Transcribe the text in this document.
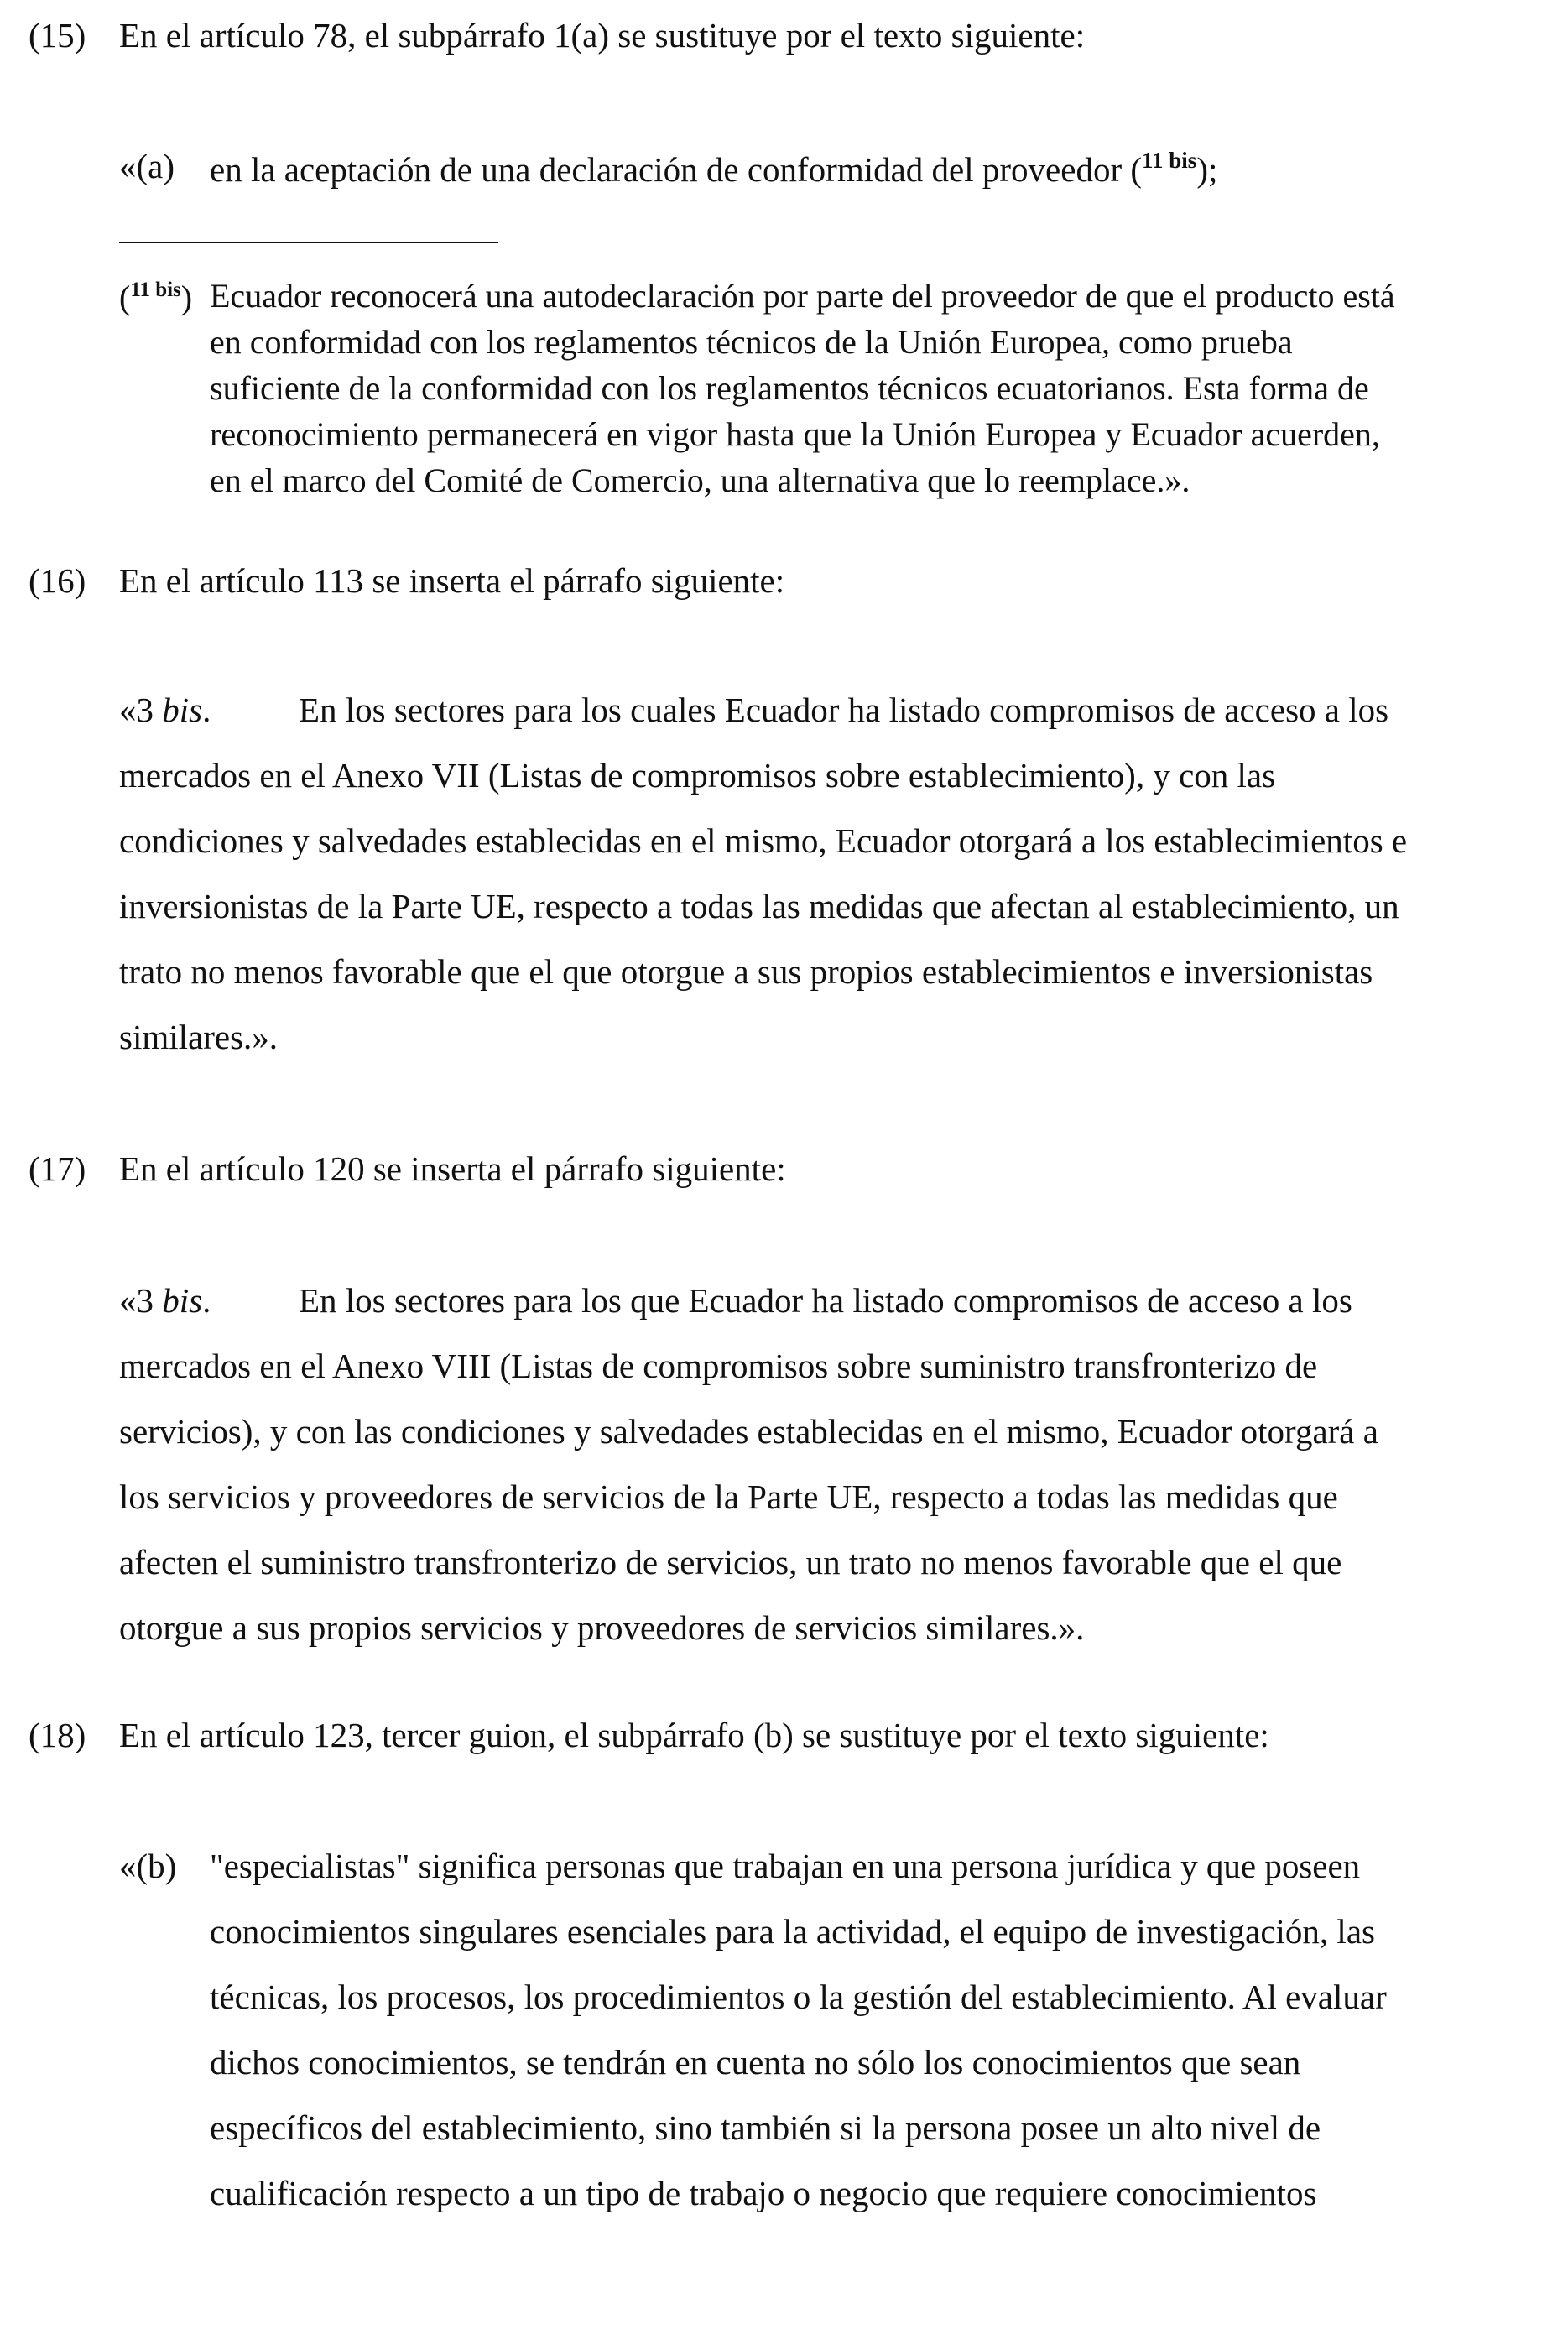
(15) En el artículo 78, el subpárrafo 1(a) se sustituye por el texto siguiente:
«(a) en la aceptación de una declaración de conformidad del proveedor ($^{11 bis}$);
($^{11 bis}$) Ecuador reconocerá una autodeclaración por parte del proveedor de que el producto está
en conformidad con los reglamentos técnicos de la Unión Europea, como prueba
suficiente de la conformidad con los reglamentos técnicos ecuatorianos. Esta forma de
reconocimiento permanecerá en vigor hasta que la Unión Europea y Ecuador acuerden,
en el marco del Comité de Comercio, una alternativa que lo reemplace.».
(16) En el artículo 113 se inserta el párrafo siguiente:
«3 bis.	En los sectores para los cuales Ecuador ha listado compromisos de acceso a los
mercados en el Anexo VII (Listas de compromisos sobre establecimiento), y con las
condiciones y salvedades establecidas en el mismo, Ecuador otorgará a los establecimientos e
inversionistas de la Parte UE, respecto a todas las medidas que afectan al establecimiento, un
trato no menos favorable que el que otorgue a sus propios establecimientos e inversionistas
similares.».
(17) En el artículo 120 se inserta el párrafo siguiente:
«3 bis.	En los sectores para los que Ecuador ha listado compromisos de acceso a los
mercados en el Anexo VIII (Listas de compromisos sobre suministro transfronterizo de
servicios), y con las condiciones y salvedades establecidas en el mismo, Ecuador otorgará a
los servicios y proveedores de servicios de la Parte UE, respecto a todas las medidas que
afecten el suministro transfronterizo de servicios, un trato no menos favorable que el que
otorgue a sus propios servicios y proveedores de servicios similares.».
(18) En el artículo 123, tercer guion, el subpárrafo (b) se sustituye por el texto siguiente:
«(b) "especialistas" significa personas que trabajan en una persona jurídica y que poseen
conocimientos singulares esenciales para la actividad, el equipo de investigación, las
técnicas, los procesos, los procedimientos o la gestión del establecimiento. Al evaluar
dichos conocimientos, se tendrán en cuenta no sólo los conocimientos que sean
específicos del establecimiento, sino también si la persona posee un alto nivel de
cualificación respecto a un tipo de trabajo o negocio que requiere conocimientos
